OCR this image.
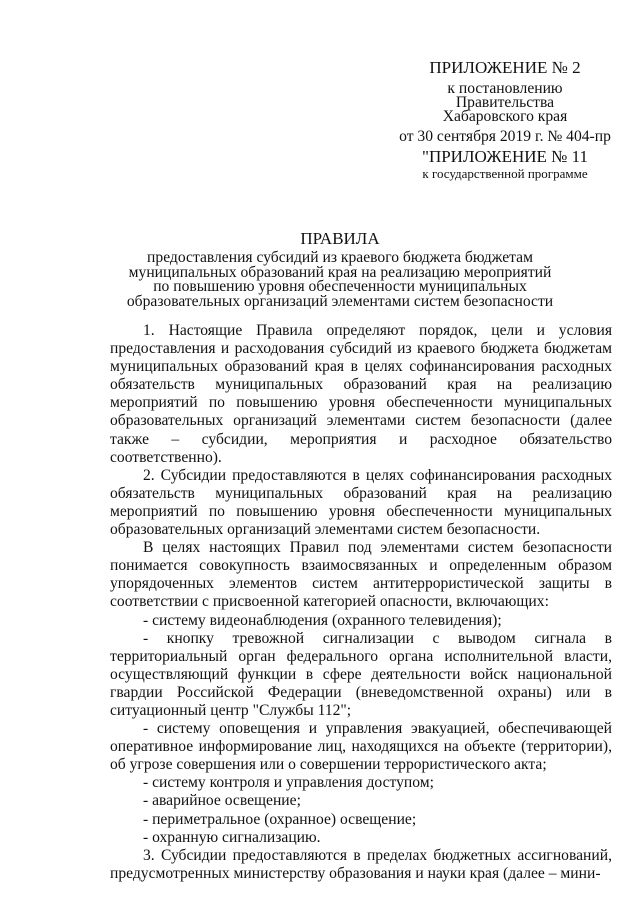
ПРИЛОЖЕНИЕ № 2
к постановлению
Правительства
Хабаровского края
от 30 сентября 2019 г. № 404-пр
"ПРИЛОЖЕНИЕ № 11
к государственной программе
ПРАВИЛА
предоставления субсидий из краевого бюджета бюджетам
муниципальных образований края на реализацию мероприятий
по повышению уровня обеспеченности муниципальных
образовательных организаций элементами систем безопасности

1. Настоящие Правила определяют порядок, цели и условия предоставления и расходования субсидий из краевого бюджета бюджетам муниципальных образований края в целях софинансирования расходных обязательств муниципальных образований края на реализацию мероприятий по повышению уровня обеспеченности муниципальных образовательных организаций элементами систем безопасности (далее также – субсидии, мероприятия и расходное обязательство соответственно).

2. Субсидии предоставляются в целях софинансирования расходных обязательств муниципальных образований края на реализацию мероприятий по повышению уровня обеспеченности муниципальных образовательных организаций элементами систем безопасности.

В целях настоящих Правил под элементами систем безопасности понимается совокупность взаимосвязанных и определенным образом упорядоченных элементов систем антитеррористической защиты в соответствии с присвоенной категорией опасности, включающих:

- систему видеонаблюдения (охранного телевидения);

- кнопку тревожной сигнализации с выводом сигнала в территориальный орган федерального органа исполнительной власти, осуществляющий функции в сфере деятельности войск национальной гвардии Российской Федерации (вневедомственной охраны) или в ситуационный центр "Службы 112";

- систему оповещения и управления эвакуацией, обеспечивающей оперативное информирование лиц, находящихся на объекте (территории), об угрозе совершения или о совершении террористического акта;

- систему контроля и управления доступом;

- аварийное освещение;

- периметральное (охранное) освещение;

- охранную сигнализацию.

3. Субсидии предоставляются в пределах бюджетных ассигнований, предусмотренных министерству образования и науки края (далее – мини-
